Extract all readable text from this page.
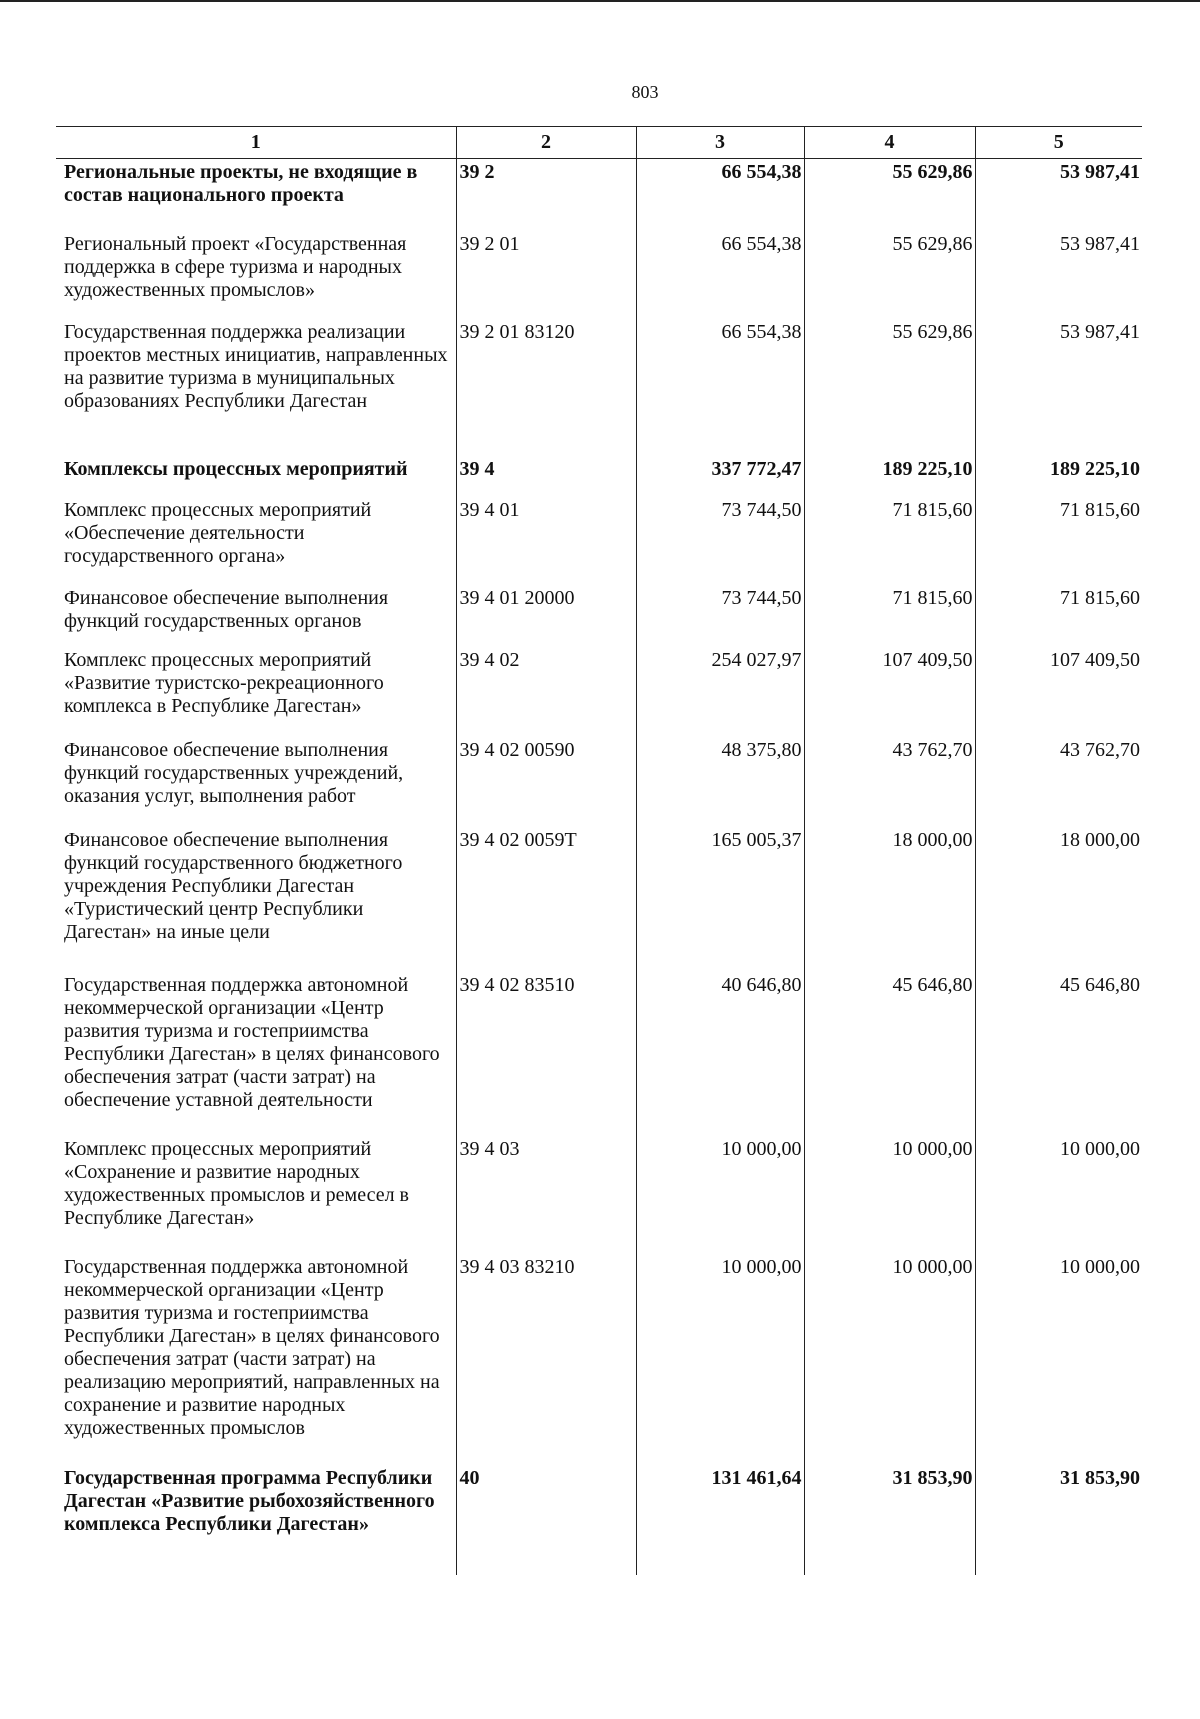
803
1	2	3	4	5
Региональные проекты, не входящие в состав национального проекта	39 2	66 554,38	55 629,86	53 987,41
Региональный проект «Государственная поддержка в сфере туризма и народных художественных промыслов»	39 2 01	66 554,38	55 629,86	53 987,41
Государственная поддержка реализации проектов местных инициатив, направленных на развитие туризма в муниципальных образованиях Республики Дагестан	39 2 01 83120	66 554,38	55 629,86	53 987,41
Комплексы процессных мероприятий	39 4	337 772,47	189 225,10	189 225,10
Комплекс процессных мероприятий «Обеспечение деятельности государственного органа»	39 4 01	73 744,50	71 815,60	71 815,60
Финансовое обеспечение выполнения функций государственных органов	39 4 01 20000	73 744,50	71 815,60	71 815,60
Комплекс процессных мероприятий «Развитие туристско-рекреационного комплекса в Республике Дагестан»	39 4 02	254 027,97	107 409,50	107 409,50
Финансовое обеспечение выполнения функций государственных учреждений, оказания услуг, выполнения работ	39 4 02 00590	48 375,80	43 762,70	43 762,70
Финансовое обеспечение выполнения функций государственного бюджетного учреждения Республики Дагестан «Туристический центр Республики Дагестан» на иные цели	39 4 02 0059Т	165 005,37	18 000,00	18 000,00
Государственная поддержка автономной некоммерческой организации «Центр развития туризма и гостеприимства Республики Дагестан» в целях финансового обеспечения затрат (части затрат) на обеспечение уставной деятельности	39 4 02 83510	40 646,80	45 646,80	45 646,80
Комплекс процессных мероприятий «Сохранение и развитие народных художественных промыслов и ремесел в Республике Дагестан»	39 4 03	10 000,00	10 000,00	10 000,00
Государственная поддержка автономной некоммерческой организации «Центр развития туризма и гостеприимства Республики Дагестан» в целях финансового обеспечения затрат (части затрат) на реализацию мероприятий, направленных на сохранение и развитие народных художественных промыслов	39 4 03 83210	10 000,00	10 000,00	10 000,00
Государственная программа Республики Дагестан «Развитие рыбохозяйственного комплекса Республики Дагестан»	40	131 461,64	31 853,90	31 853,90
